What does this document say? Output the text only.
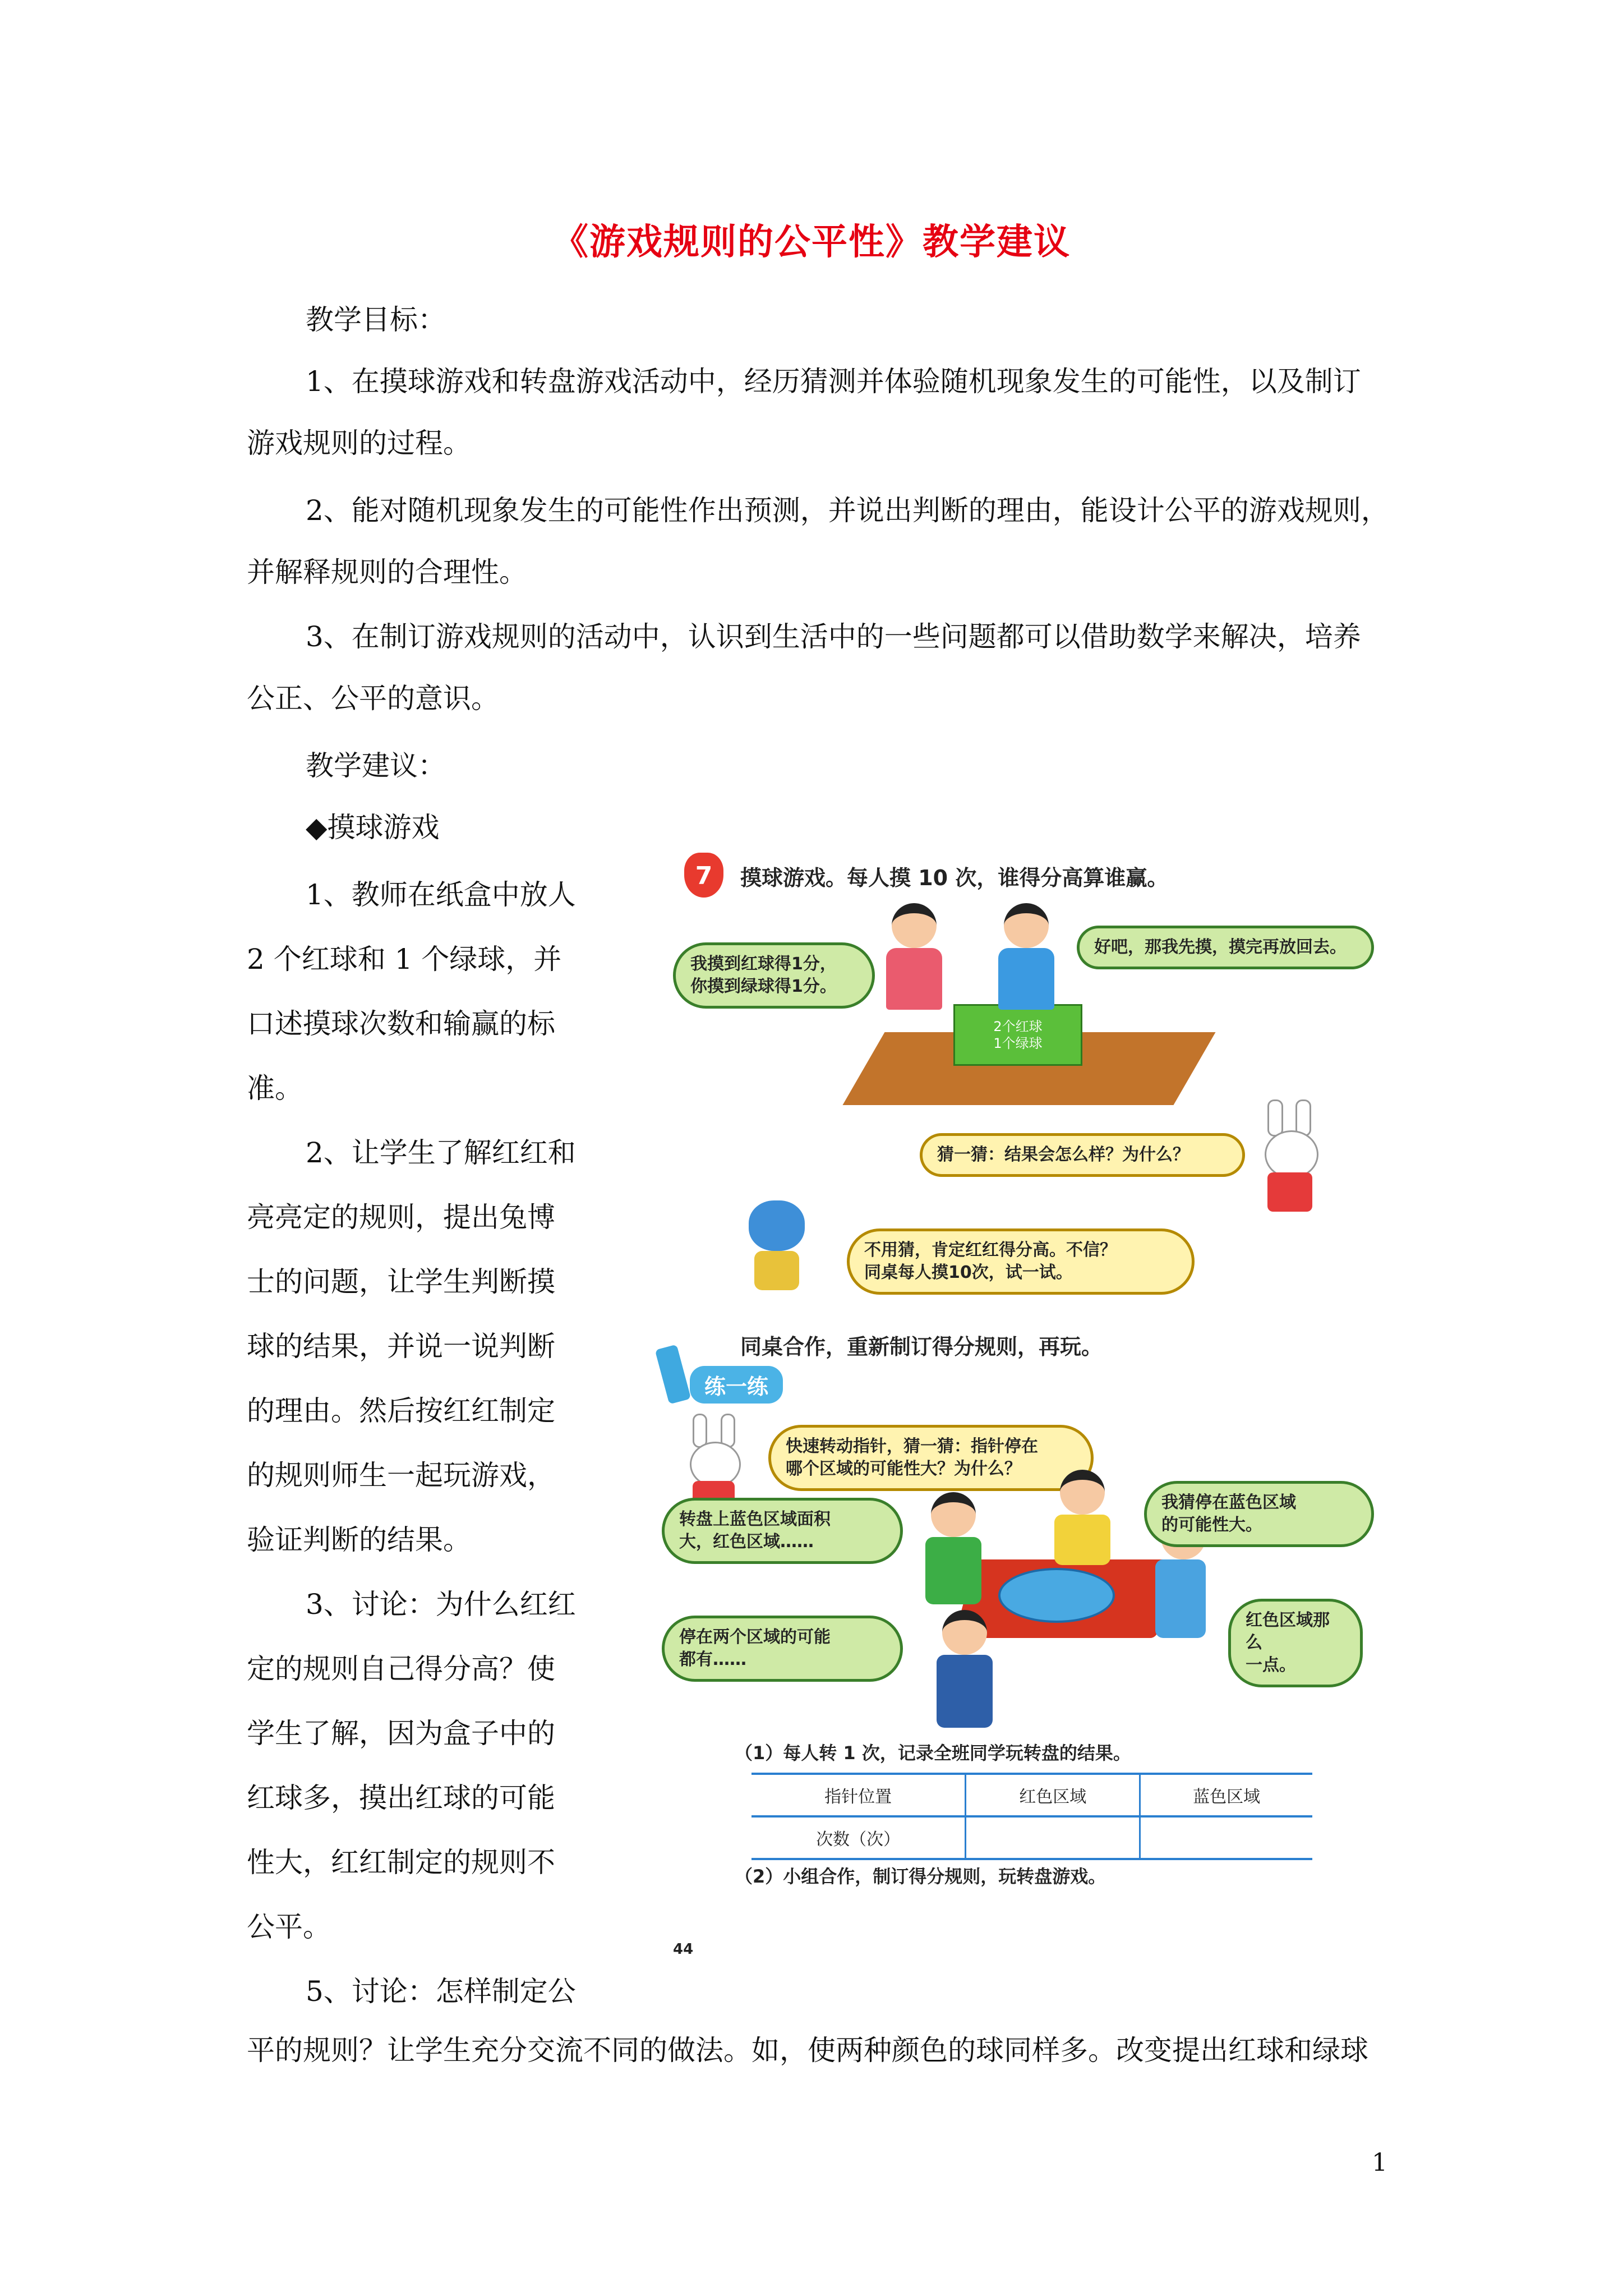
《游戏规则的公平性》教学建议
教学目标：
1、在摸球游戏和转盘游戏活动中，经历猜测并体验随机现象发生的可能性，以及制订
游戏规则的过程。
2、能对随机现象发生的可能性作出预测，并说出判断的理由，能设计公平的游戏规则，
并解释规则的合理性。
3、在制订游戏规则的活动中，认识到生活中的一些问题都可以借助数学来解决，培养
公正、公平的意识。
教学建议：
◆摸球游戏
1、教师在纸盒中放人
2 个红球和 1 个绿球，并
口述摸球次数和输赢的标
准。
2、让学生了解红红和
亮亮定的规则，提出兔博
士的问题，让学生判断摸
球的结果，并说一说判断
的理由。然后按红红制定
的规则师生一起玩游戏，
验证判断的结果。
3、讨论：为什么红红
定的规则自己得分高？使
学生了解，因为盒子中的
红球多，摸出红球的可能
性大，红红制定的规则不
公平。
5、讨论：怎样制定公
平的规则？让学生充分交流不同的做法。如，使两种颜色的球同样多。改变提出红球和绿球
7	摸球游戏。每人摸 10 次，谁得分高算谁赢。
2个红球
1个绿球
我摸到红球得1分，
你摸到绿球得1分。
好吧，那我先摸，摸完再放回去。
猜一猜：结果会怎么样？为什么？
不用猜，肯定红红得分高。不信？
同桌每人摸10次，试一试。
同桌合作，重新制订得分规则，再玩。
练一练
快速转动指针，猜一猜：指针停在
哪个区域的可能性大？为什么？
转盘上蓝色区域面积
大，红色区域……
我猜停在蓝色区域
的可能性大。
停在两个区域的可能
都有……
红色区域那么
一点。
（1）每人转 1 次，记录全班同学玩转盘的结果。
指针位置	红色区域	蓝色区域
次数（次）		
（2）小组合作，制订得分规则，玩转盘游戏。
44
1
